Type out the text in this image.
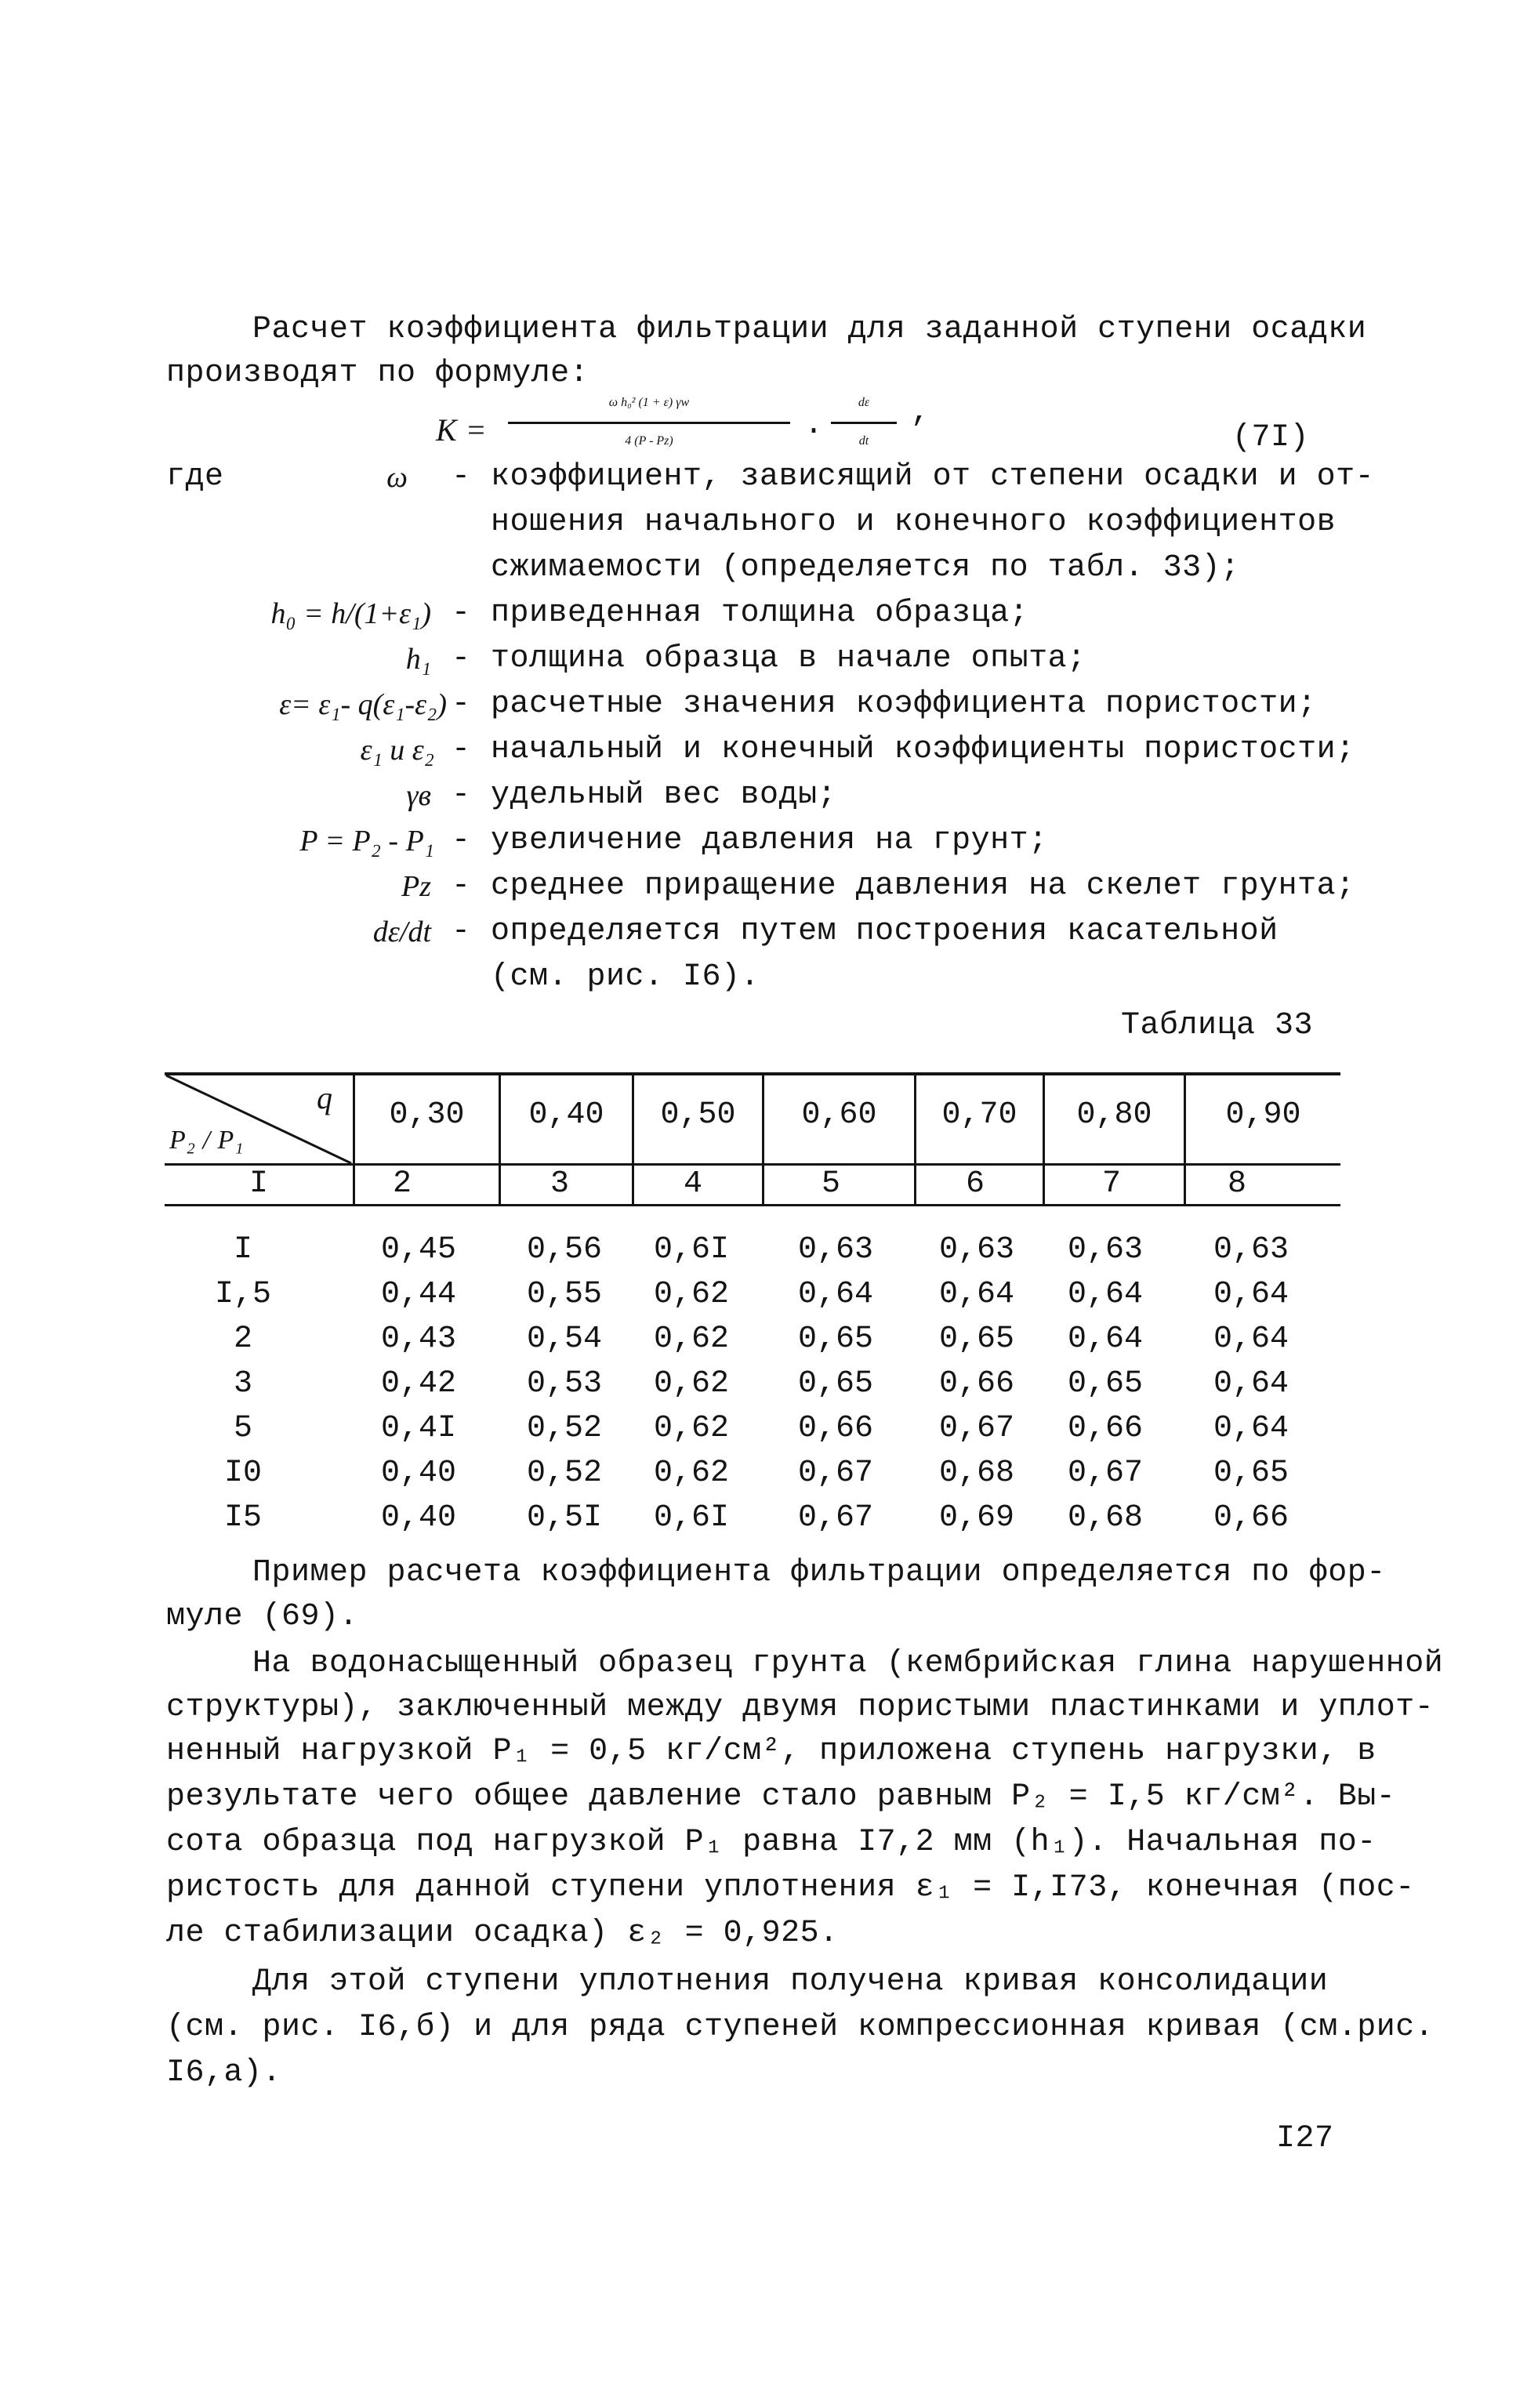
Расчет коэффициента фильтрации для заданной ступени осадки
производят по формуле:
$K = \frac{\text{ω h₀² (1 + ε) γw}}{4 (P - Pz)} \cdot \frac{d\varepsilon}{dt}$ ,
(7I)
где	ω - коэффициент, зависящий от степени осадки и от-
ношения начального и конечного коэффициентов
сжимаемости (определяется по табл. 33);
h₀ = h/(1+ε₁) - приведенная толщина образца;
h₁ - толщина образца в начале опыта;
ε= ε₁- q(ε₁-ε₂) - расчетные значения коэффициента пористости;
ε₁ и ε₂ - начальный и конечный коэффициенты пористости;
γв - удельный вес воды;
P = P₂ - P₁ - увеличение давления на грунт;
Pz - среднее приращение давления на скелет грунта;
dε/dt - определяется путем построения касательной
(см. рис. I6).
Таблица 33
q
P₂ / P₁
0,30	0,40	0,50	0,60	0,70	0,80	0,90
I	2	3	4	5	6	7	8
I	0,45 0,56 0,6I 0,63 0,63 0,63 0,63
I,5	0,44 0,55 0,62 0,64 0,64 0,64 0,64
2	0,43 0,54 0,62 0,65 0,65 0,64 0,64
3	0,42 0,53 0,62 0,65 0,66 0,65 0,64
5	0,4I 0,52 0,62 0,66 0,67 0,66 0,64
I0	0,40 0,52 0,62 0,67 0,68 0,67 0,65
I5	0,40 0,5I 0,6I 0,67 0,69 0,68 0,66
Пример расчета коэффициента фильтрации определяется по фор-
муле (69).
На водонасыщенный образец грунта (кембрийская глина нарушенной
структуры), заключенный между двумя пористыми пластинками и уплот-
ненный нагрузкой P₁ = 0,5 кг/см², приложена ступень нагрузки, в
результате чего общее давление стало равным P₂ = I,5 кг/см². Вы-
сота образца под нагрузкой P₁ равна I7,2 мм (h₁). Начальная по-
ристость для данной ступени уплотнения ε₁ = I,I73, конечная (пос-
ле стабилизации осадка) ε₂ = 0,925.
Для этой ступени уплотнения получена кривая консолидации
(см. рис. I6,б) и для ряда ступеней компрессионная кривая (см.рис.
I6,а).
I27
